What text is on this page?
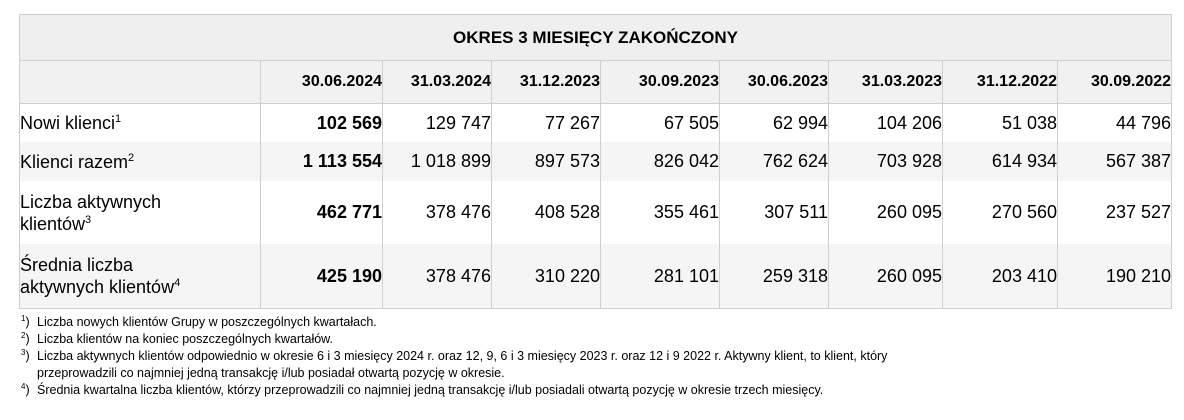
OKRES 3 MIESIĘCY ZAKOŃCZONY								
	30.06.2024	31.03.2024	31.12.2023	30.09.2023	30.06.2023	31.03.2023	31.12.2022	30.09.2022
Nowi klienci$^1$	102 569	129 747	77 267	67 505	62 994	104 206	51 038	44 796
Klienci razem$^2$	1 113 554	1 018 899	897 573	826 042	762 624	703 928	614 934	567 387
Liczba aktywnych
klientów$^3$	462 771	378 476	408 528	355 461	307 511	260 095	270 560	237 527
Średnia liczba
aktywnych klientów$^4$	425 190	378 476	310 220	281 101	259 318	260 095	203 410	190 210
$^1$) Liczba nowych klientów Grupy w poszczególnych kwartałach.
$^2$) Liczba klientów na koniec poszczególnych kwartałów.
$^3$) Liczba aktywnych klientów odpowiednio w okresie 6 i 3 miesięcy 2024 r. oraz 12, 9, 6 i 3 miesięcy 2023 r. oraz 12 i 9 2022 r. Aktywny klient, to klient, który
przeprowadzili co najmniej jedną transakcję i/lub posiadał otwartą pozycję w okresie.
$^4$) Średnia kwartalna liczba klientów, którzy przeprowadzili co najmniej jedną transakcję i/lub posiadali otwartą pozycję w okresie trzech miesięcy.
